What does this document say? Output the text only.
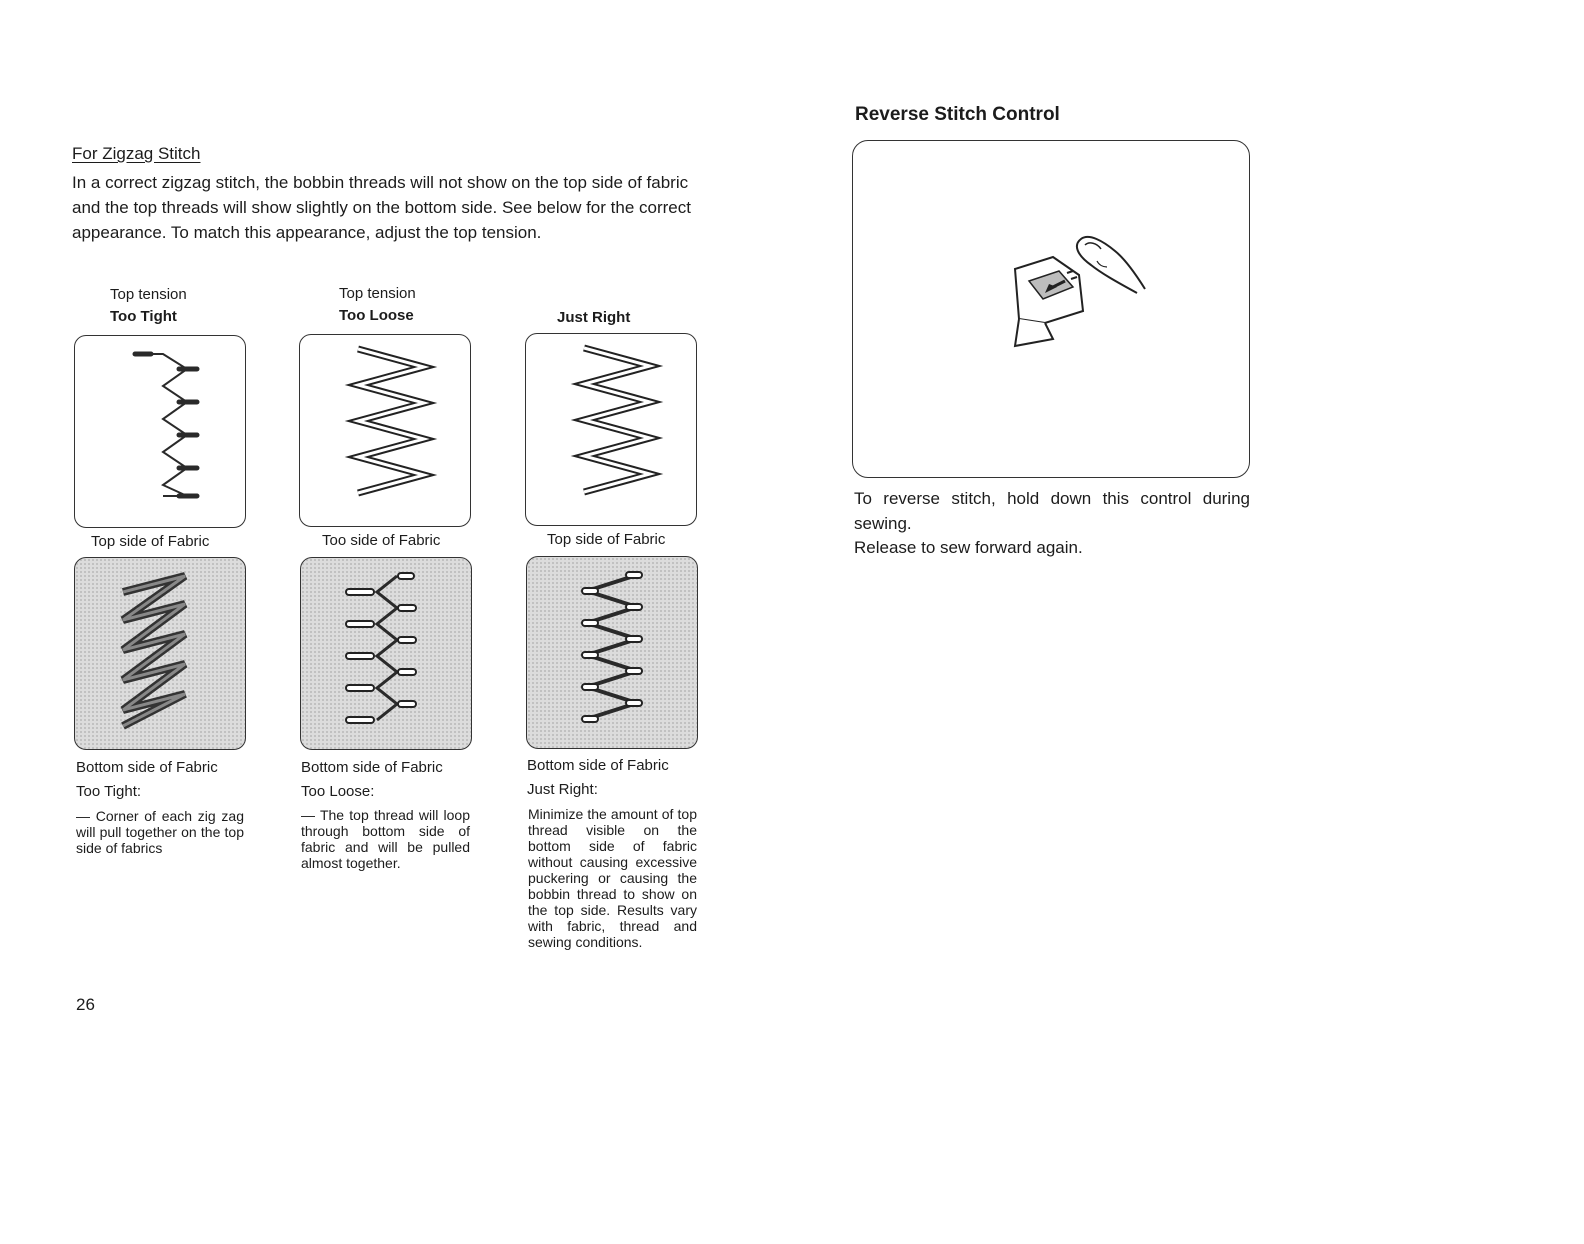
For Zigzag Stitch
In a correct zigzag stitch, the bobbin threads will not show on the top side of fabric and the top threads will show slightly on the bottom side. See below for the correct appearance. To match this appearance, adjust the top tension.
Top tension
Too Tight
Top tension
Too Loose	Just Right
Top side of Fabric	Too side of Fabric	Top side of Fabric
Bottom side of Fabric	Bottom side of Fabric	Bottom side of Fabric
Too Tight:	Too Loose:	Just Right:
— Corner of each zig zag will pull together on the top side of fabrics
— The top thread will loop through bottom side of fabric and will be pulled almost together.
Minimize the amount of top thread visible on the bottom side of fabric without causing excessive puckering or causing the bobbin thread to show on the top side. Results vary with fabric, thread and sewing conditions.
26
Reverse Stitch Control
To reverse stitch, hold down this control during sewing.
Release to sew forward again.
